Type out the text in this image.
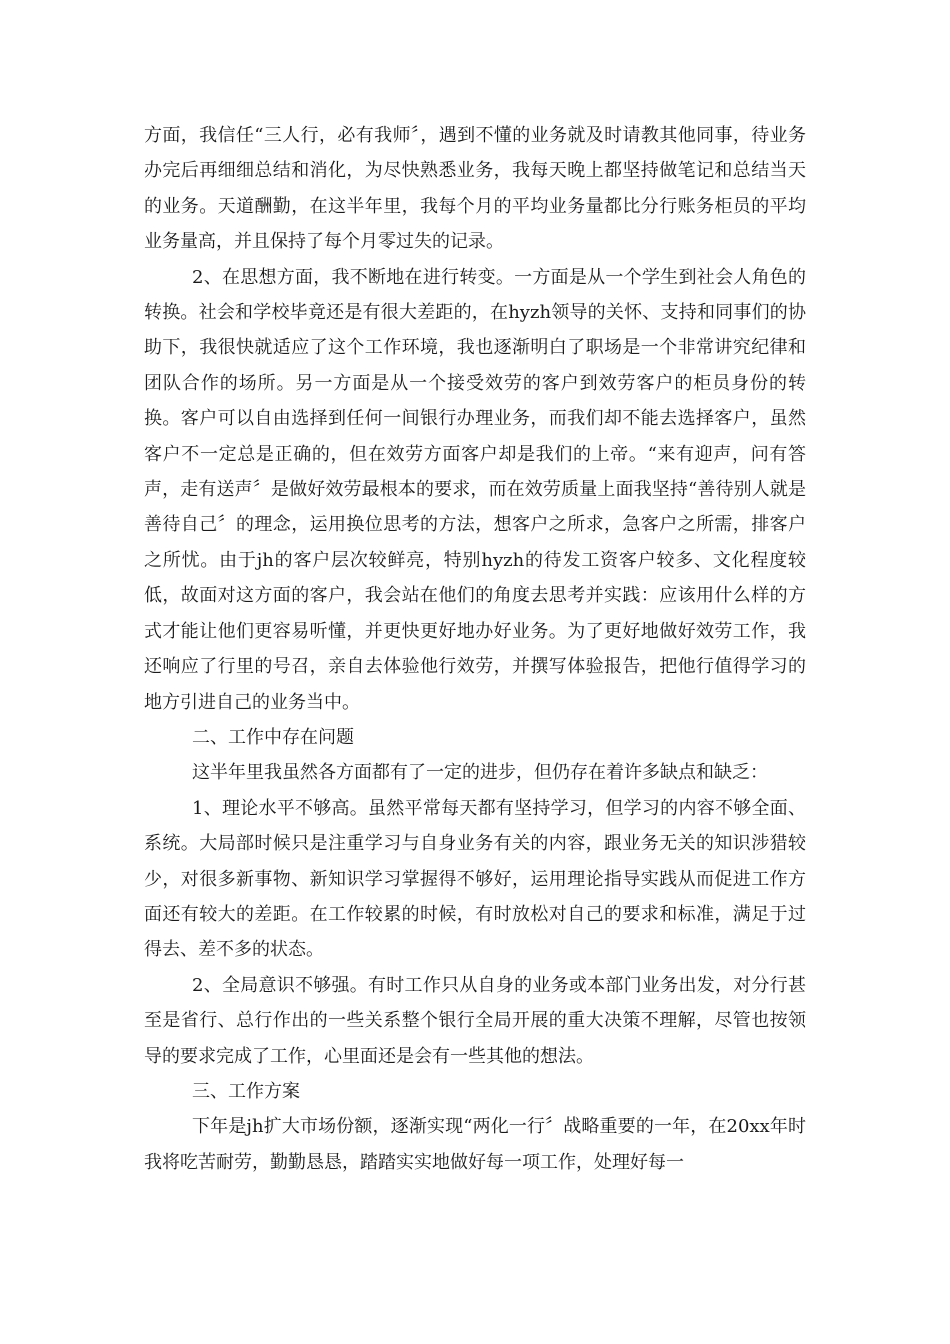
方面，我信任“三人行，必有我师〞，遇到不懂的业务就及时请教其他同事，待业务办完后再细细总结和消化，为尽快熟悉业务，我每天晚上都坚持做笔记和总结当天的业务。天道酬勤，在这半年里，我每个月的平均业务量都比分行账务柜员的平均业务量高，并且保持了每个月零过失的记录。

2、在思想方面，我不断地在进行转变。一方面是从一个学生到社会人角色的转换。社会和学校毕竟还是有很大差距的，在hyzh领导的关怀、支持和同事们的协助下，我很快就适应了这个工作环境，我也逐渐明白了职场是一个非常讲究纪律和团队合作的场所。另一方面是从一个接受效劳的客户到效劳客户的柜员身份的转换。客户可以自由选择到任何一间银行办理业务，而我们却不能去选择客户，虽然客户不一定总是正确的，但在效劳方面客户却是我们的上帝。“来有迎声，问有答声，走有送声〞是做好效劳最根本的要求，而在效劳质量上面我坚持“善待别人就是善待自己〞的理念，运用换位思考的方法，想客户之所求，急客户之所需，排客户之所忧。由于jh的客户层次较鲜亮，特别hyzh的待发工资客户较多、文化程度较低，故面对这方面的客户，我会站在他们的角度去思考并实践：应该用什么样的方式才能让他们更容易听懂，并更快更好地办好业务。为了更好地做好效劳工作，我还响应了行里的号召，亲自去体验他行效劳，并撰写体验报告，把他行值得学习的地方引进自己的业务当中。

二、工作中存在问题

这半年里我虽然各方面都有了一定的进步，但仍存在着许多缺点和缺乏：

1、理论水平不够高。虽然平常每天都有坚持学习，但学习的内容不够全面、系统。大局部时候只是注重学习与自身业务有关的内容，跟业务无关的知识涉猎较少，对很多新事物、新知识学习掌握得不够好，运用理论指导实践从而促进工作方面还有较大的差距。在工作较累的时候，有时放松对自己的要求和标准，满足于过得去、差不多的状态。

2、全局意识不够强。有时工作只从自身的业务或本部门业务出发，对分行甚至是省行、总行作出的一些关系整个银行全局开展的重大决策不理解，尽管也按领导的要求完成了工作，心里面还是会有一些其他的想法。

三、工作方案

下年是jh扩大市场份额，逐渐实现“两化一行〞战略重要的一年，在20xx年时我将吃苦耐劳，勤勤恳恳，踏踏实实地做好每一项工作，处理好每一
